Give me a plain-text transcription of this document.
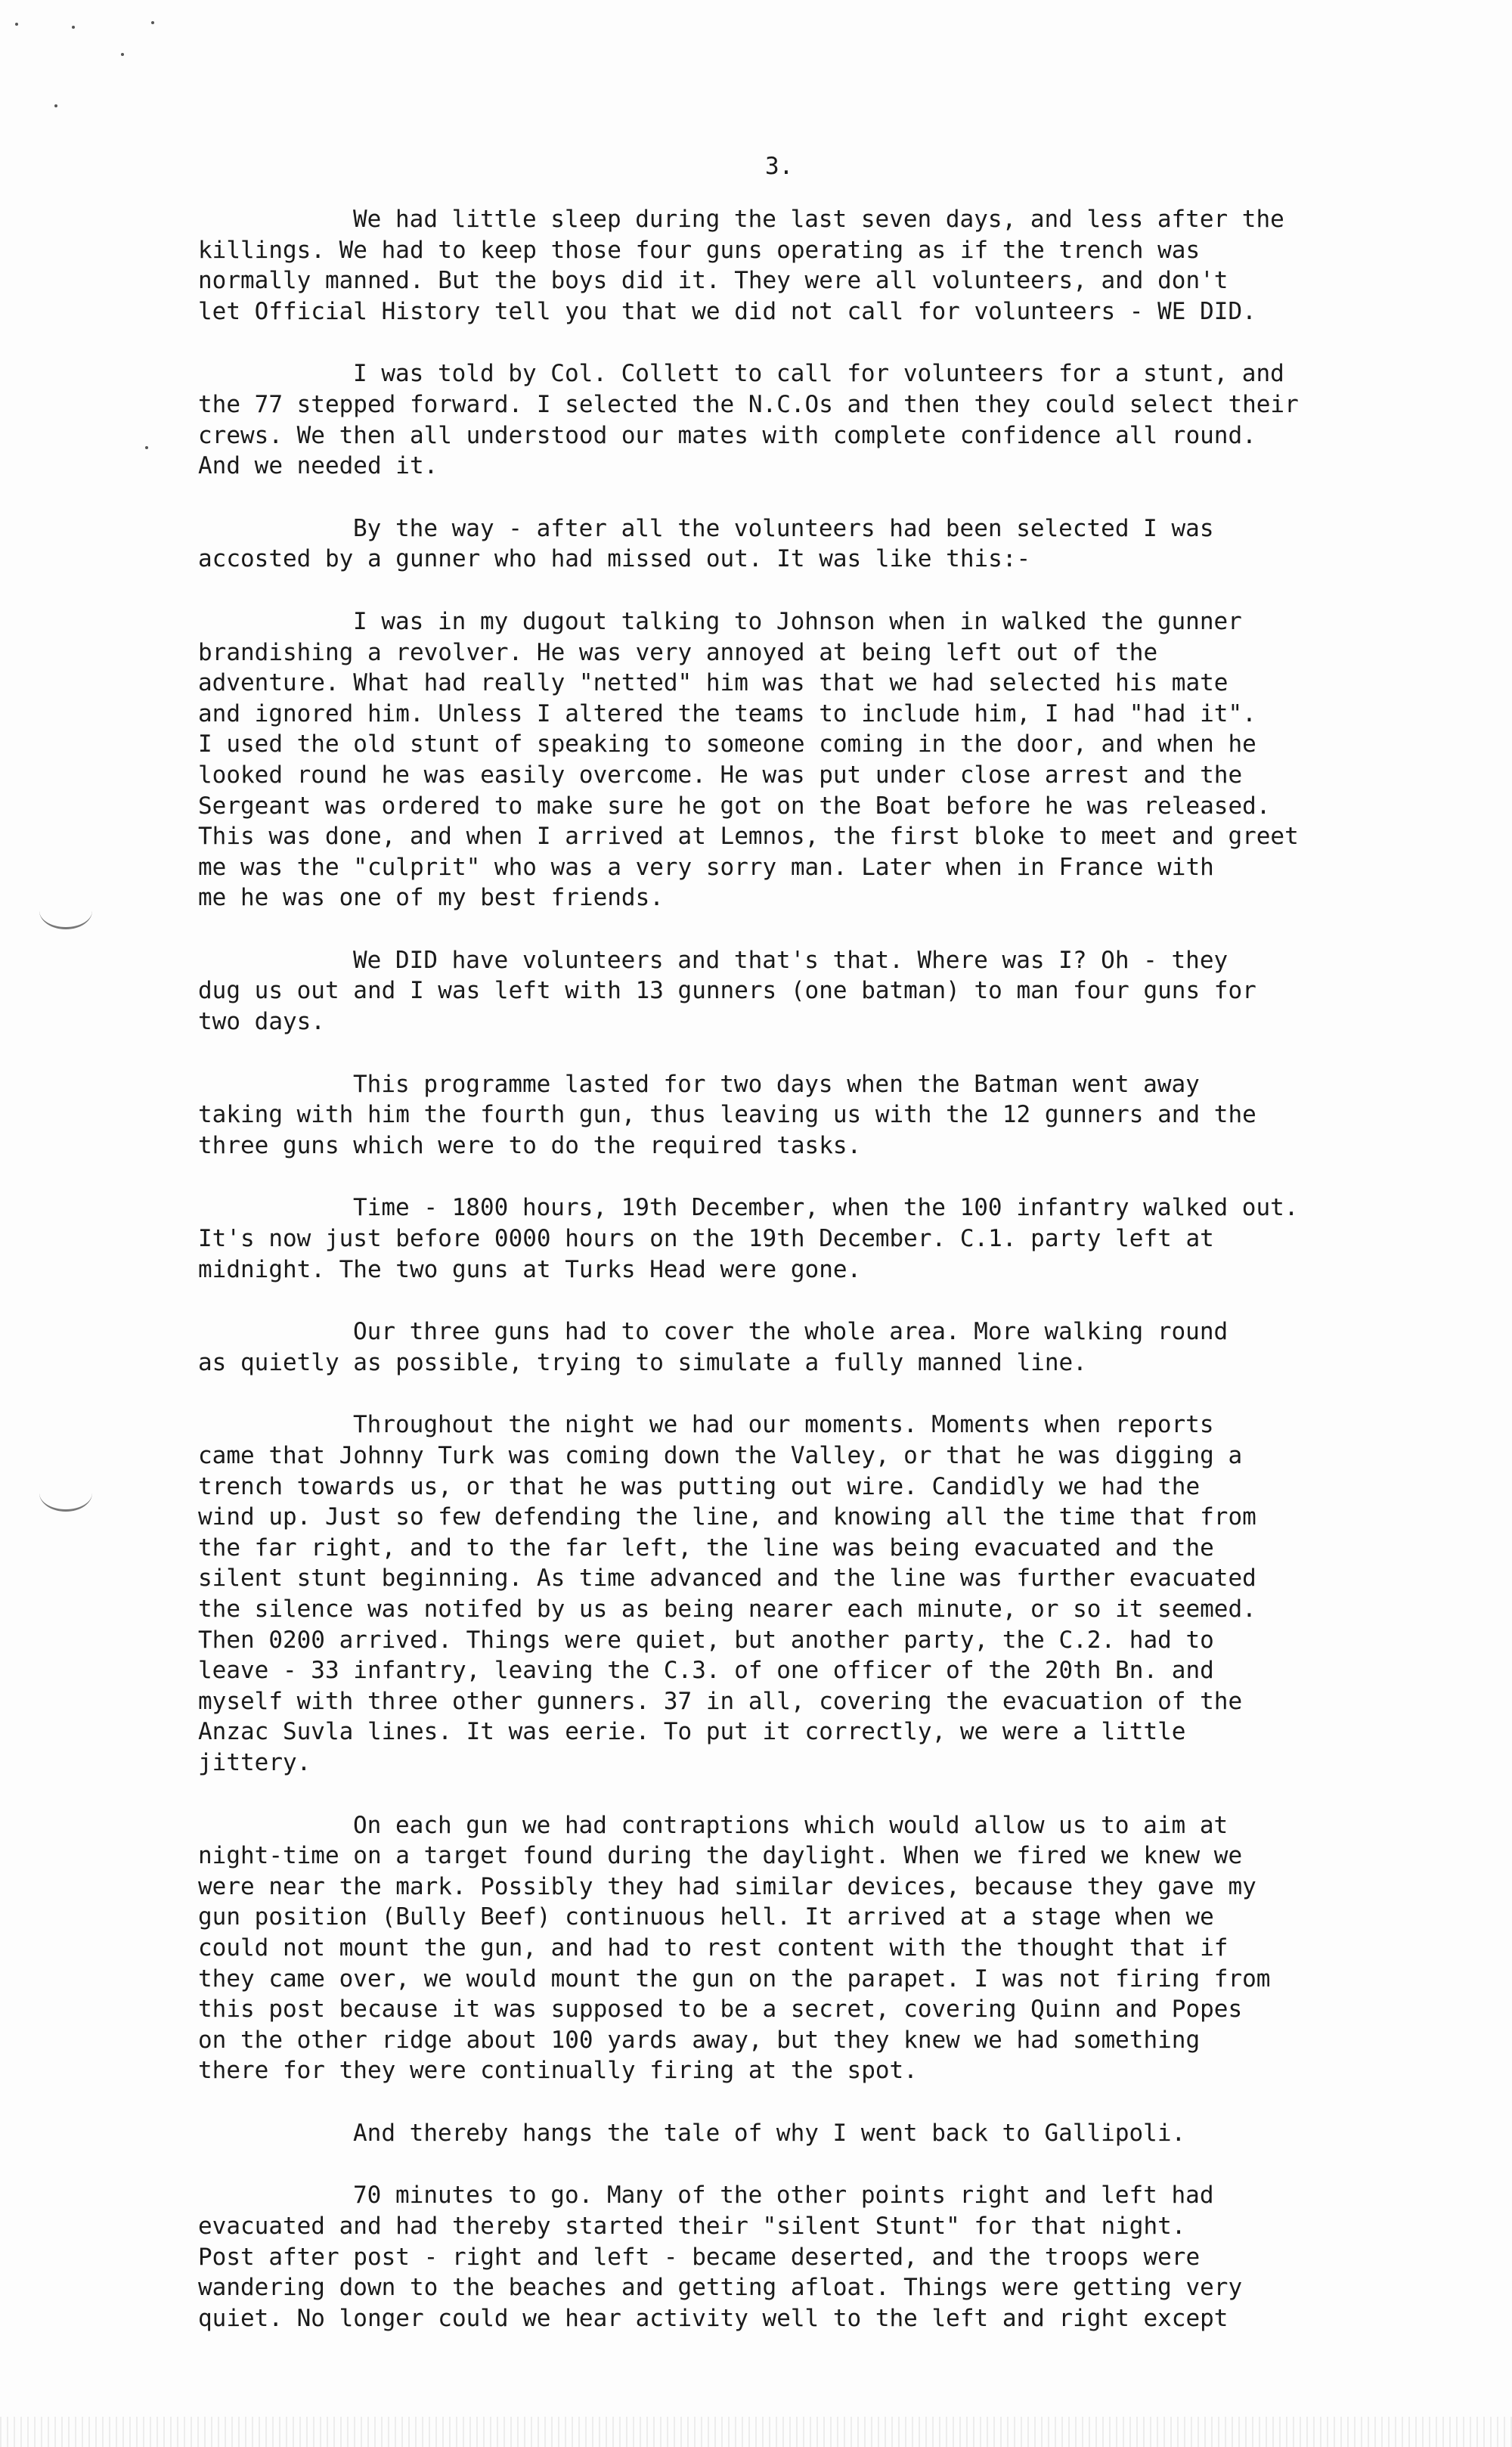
3.
We had little sleep during the last seven days, and less after the
killings. We had to keep those four guns operating as if the trench was
normally manned. But the boys did it. They were all volunteers, and don't
let Official History tell you that we did not call for volunteers - WE DID.
I was told by Col. Collett to call for volunteers for a stunt, and
the 77 stepped forward. I selected the N.C.Os and then they could select their
crews. We then all understood our mates with complete confidence all round.
And we needed it.
By the way - after all the volunteers had been selected I was
accosted by a gunner who had missed out. It was like this:-
I was in my dugout talking to Johnson when in walked the gunner
brandishing a revolver. He was very annoyed at being left out of the
adventure. What had really "netted" him was that we had selected his mate
and ignored him. Unless I altered the teams to include him, I had "had it".
I used the old stunt of speaking to someone coming in the door, and when he
looked round he was easily overcome. He was put under close arrest and the
Sergeant was ordered to make sure he got on the Boat before he was released.
This was done, and when I arrived at Lemnos, the first bloke to meet and greet
me was the "culprit" who was a very sorry man. Later when in France with
me he was one of my best friends.
We DID have volunteers and that's that. Where was I? Oh - they
dug us out and I was left with 13 gunners (one batman) to man four guns for
two days.
This programme lasted for two days when the Batman went away
taking with him the fourth gun, thus leaving us with the 12 gunners and the
three guns which were to do the required tasks.
Time - 1800 hours, 19th December, when the 100 infantry walked out.
It's now just before 0000 hours on the 19th December. C.1. party left at
midnight. The two guns at Turks Head were gone.
Our three guns had to cover the whole area. More walking round
as quietly as possible, trying to simulate a fully manned line.
Throughout the night we had our moments. Moments when reports
came that Johnny Turk was coming down the Valley, or that he was digging a
trench towards us, or that he was putting out wire. Candidly we had the
wind up. Just so few defending the line, and knowing all the time that from
the far right, and to the far left, the line was being evacuated and the
silent stunt beginning. As time advanced and the line was further evacuated
the silence was notifed by us as being nearer each minute, or so it seemed.
Then 0200 arrived. Things were quiet, but another party, the C.2. had to
leave - 33 infantry, leaving the C.3. of one officer of the 20th Bn. and
myself with three other gunners. 37 in all, covering the evacuation of the
Anzac Suvla lines. It was eerie. To put it correctly, we were a little
jittery.
On each gun we had contraptions which would allow us to aim at
night-time on a target found during the daylight. When we fired we knew we
were near the mark. Possibly they had similar devices, because they gave my
gun position (Bully Beef) continuous hell. It arrived at a stage when we
could not mount the gun, and had to rest content with the thought that if
they came over, we would mount the gun on the parapet. I was not firing from
this post because it was supposed to be a secret, covering Quinn and Popes
on the other ridge about 100 yards away, but they knew we had something
there for they were continually firing at the spot.
And thereby hangs the tale of why I went back to Gallipoli.
70 minutes to go. Many of the other points right and left had
evacuated and had thereby started their "silent Stunt" for that night.
Post after post - right and left - became deserted, and the troops were
wandering down to the beaches and getting afloat. Things were getting very
quiet. No longer could we hear activity well to the left and right except
